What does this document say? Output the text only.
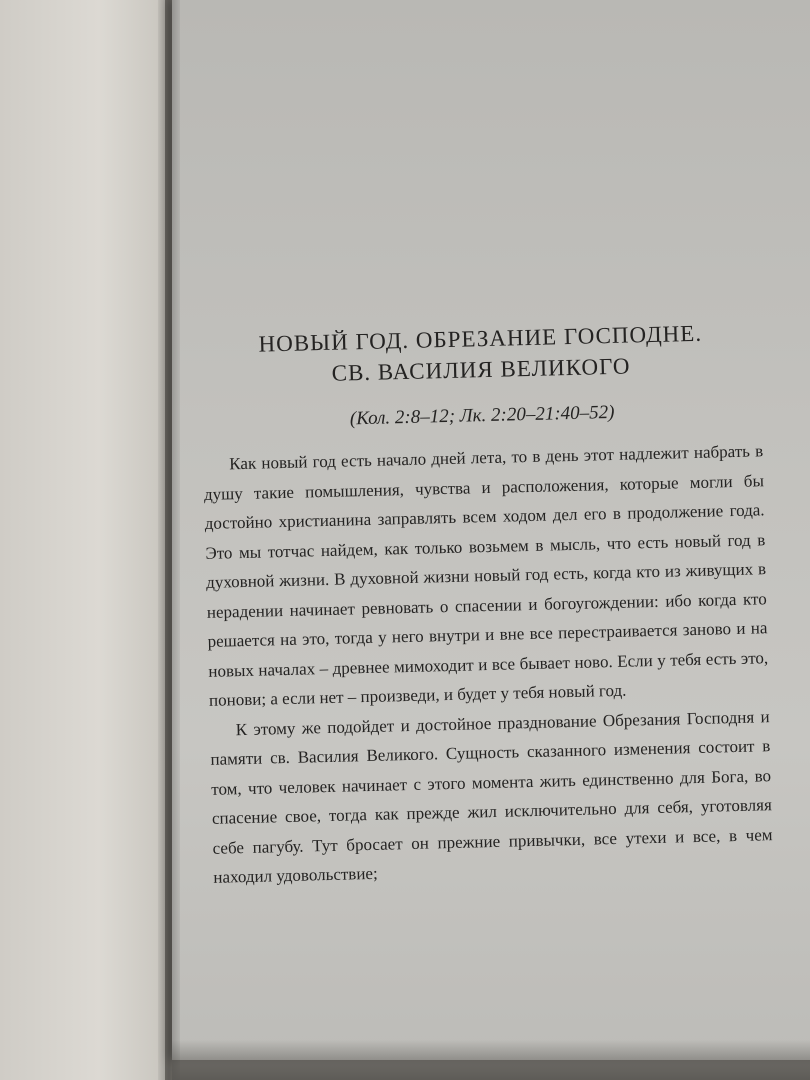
НОВЫЙ ГОД. ОБРЕЗАНИЕ ГОСПОДНЕ.
СВ. ВАСИЛИЯ ВЕЛИКОГО
(Кол. 2:8–12; Лк. 2:20–21:40–52)

Как новый год есть начало дней лета, то в день этот надлежит набрать в душу такие помышления, чувства и расположения, которые могли бы достойно христианина заправлять всем ходом дел его в продолжение года. Это мы тотчас найдем, как только возьмем в мысль, что есть новый год в духовной жизни. В духовной жизни новый год есть, когда кто из живущих в нерадении начинает ревновать о спасении и богоугождении: ибо когда кто решается на это, тогда у него внутри и вне все перестраивается заново и на новых началах – древнее мимоходит и все бывает ново. Если у тебя есть это, понови; а если нет – произведи, и будет у тебя новый год.

К этому же подойдет и достойное празднование Обрезания Господня и памяти св. Василия Великого. Сущность сказанного изменения состоит в том, что человек начинает с этого момента жить единственно для Бога, во спасение свое, тогда как прежде жил исключительно для себя, уготовляя себе пагубу. Тут бросает он прежние привычки, все утехи и все, в чем находил удовольствие;
